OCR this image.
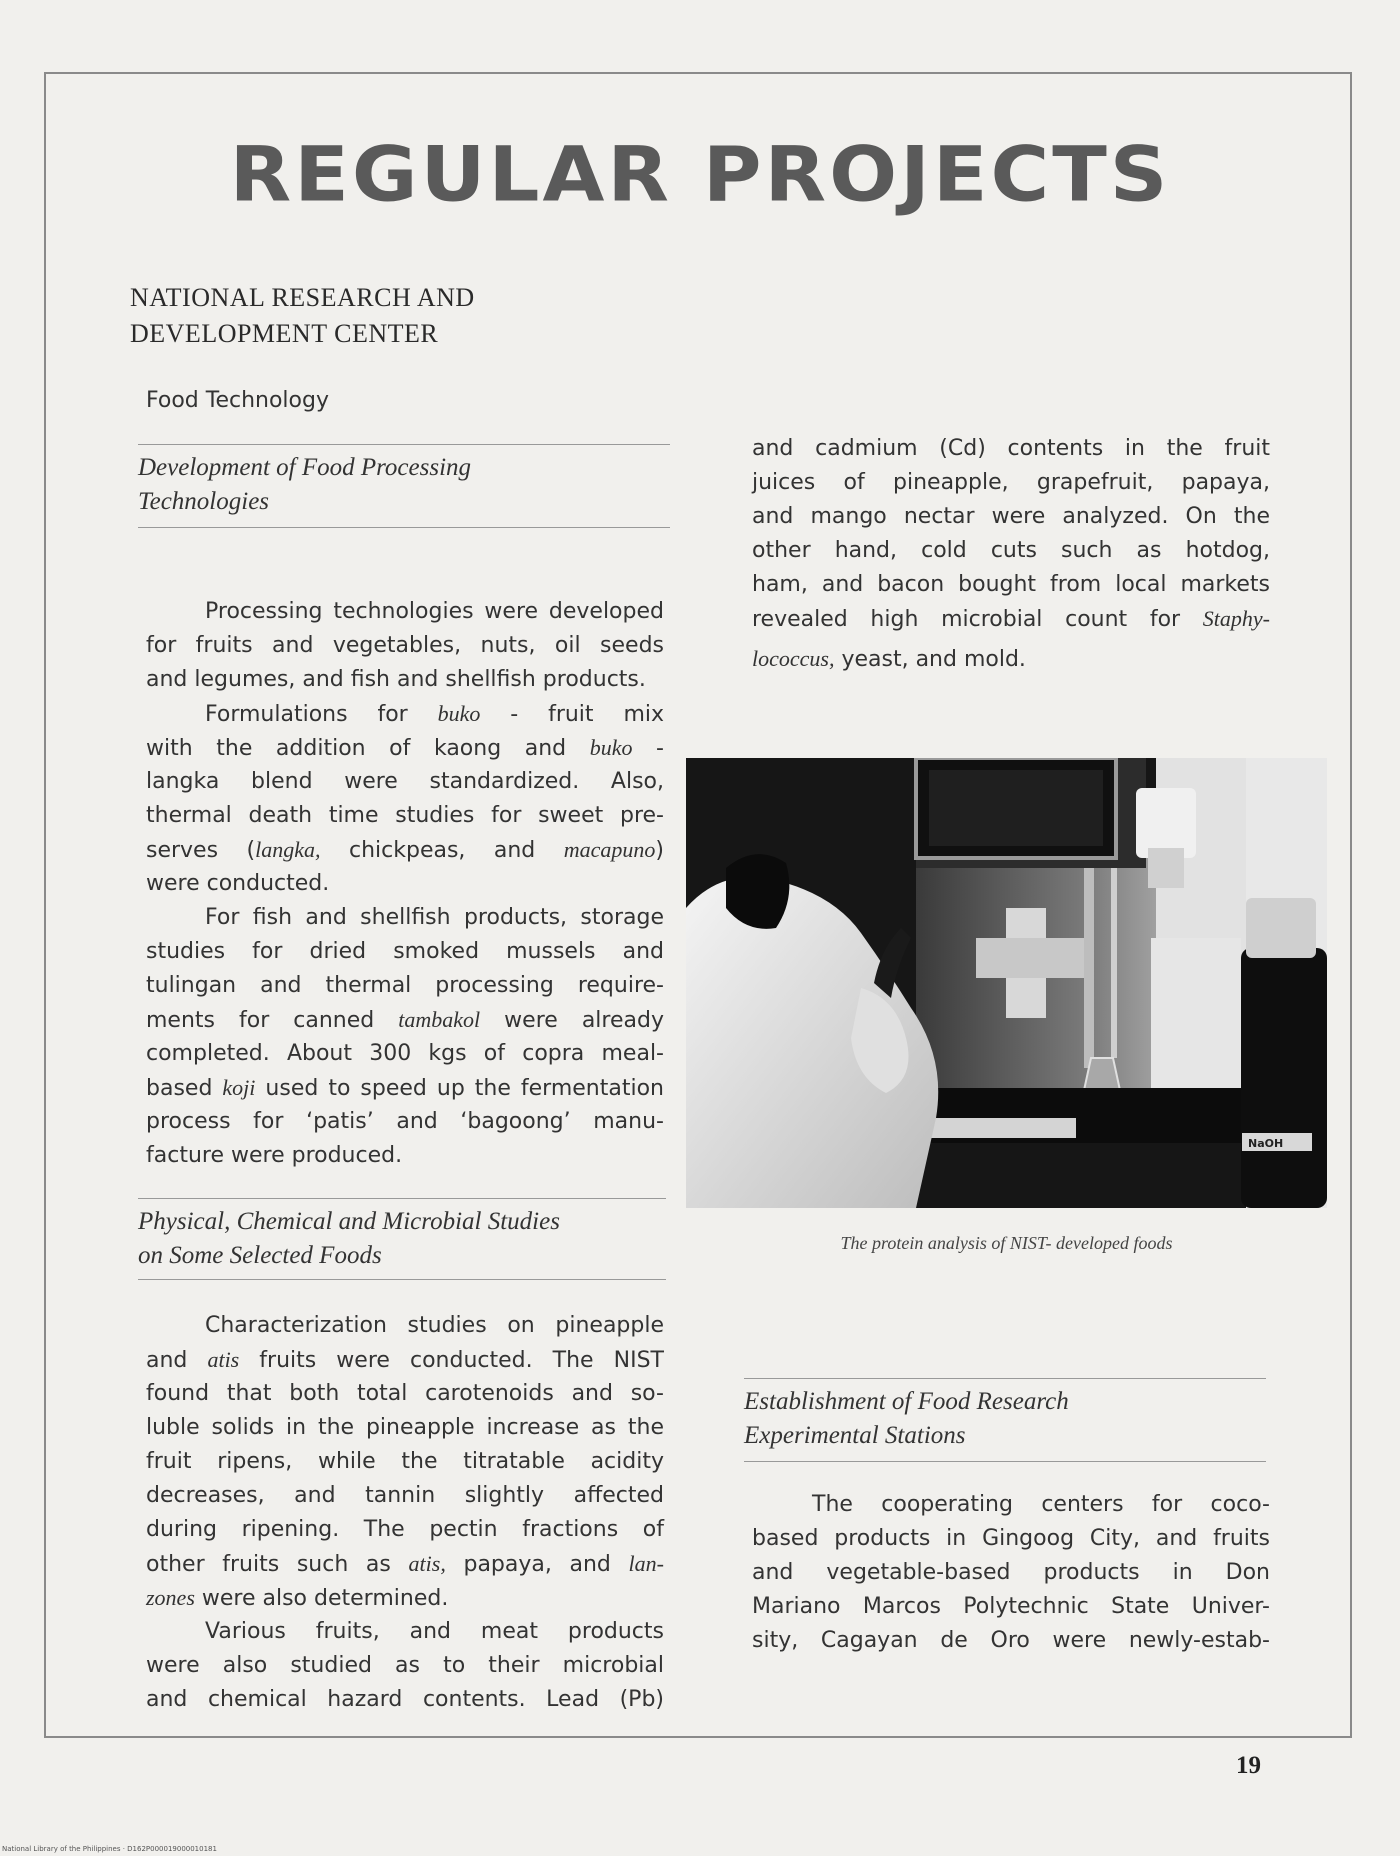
REGULAR PROJECTS
NATIONAL RESEARCH AND
DEVELOPMENT CENTER
Food Technology
Development of Food Processing
Technologies
Processing technologies were developed
for fruits and vegetables, nuts, oil seeds
and legumes, and fish and shellfish products.
Formulations for buko - fruit mix
with the addition of kaong and buko -
langka blend were standardized. Also,
thermal death time studies for sweet pre-
serves (langka, chickpeas, and macapuno)
were conducted.
For fish and shellfish products, storage
studies for dried smoked mussels and
tulingan and thermal processing require-
ments for canned tambakol were already
completed. About 300 kgs of copra meal-
based koji used to speed up the fermentation
process for ‘patis’ and ‘bagoong’ manu-
facture were produced.
Physical, Chemical and Microbial Studies
on Some Selected Foods
Characterization studies on pineapple
and atis fruits were conducted. The NIST
found that both total carotenoids and so-
luble solids in the pineapple increase as the
fruit ripens, while the titratable acidity
decreases, and tannin slightly affected
during ripening. The pectin fractions of
other fruits such as atis, papaya, and lan-
zones were also determined.
Various fruits, and meat products
were also studied as to their microbial
and chemical hazard contents. Lead (Pb)
and cadmium (Cd) contents in the fruit
juices of pineapple, grapefruit, papaya,
and mango nectar were analyzed. On the
other hand, cold cuts such as hotdog,
ham, and bacon bought from local markets
revealed high microbial count for Staphy-
lococcus, yeast, and mold.
NaOH
The protein analysis of NIST- developed foods
Establishment of Food Research
Experimental Stations
The cooperating centers for coco-
based products in Gingoog City, and fruits
and vegetable-based products in Don
Mariano Marcos Polytechnic State Univer-
sity, Cagayan de Oro were newly-estab-
19
National Library of the Philippines · D162P000019000010181
